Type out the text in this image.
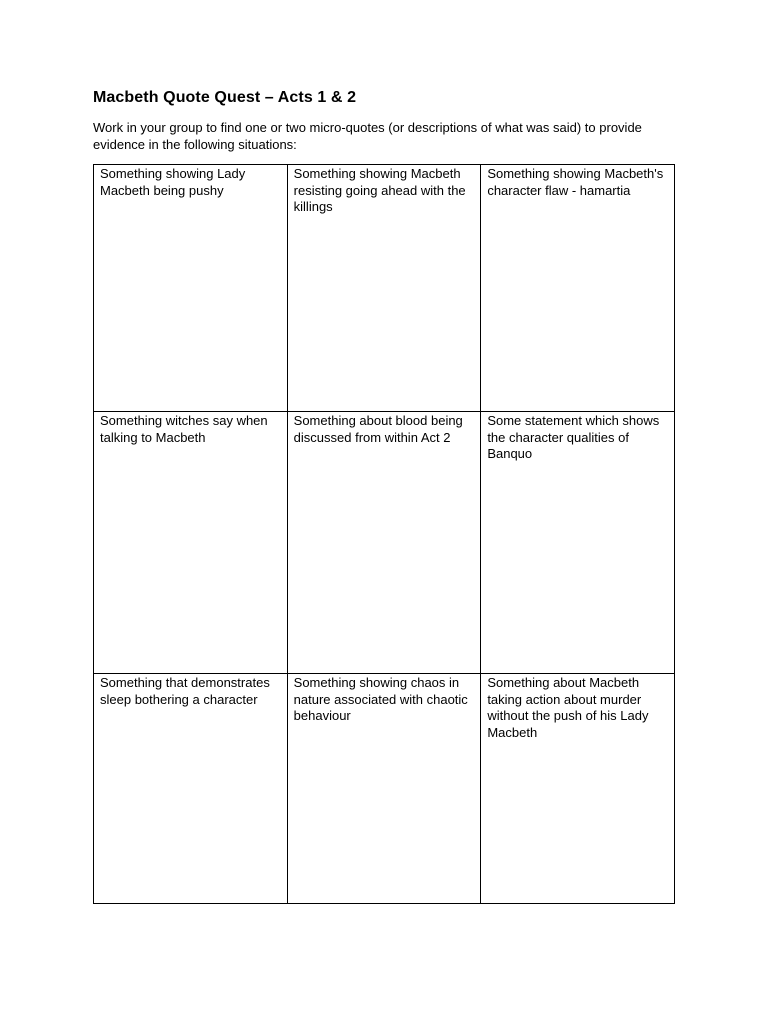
Macbeth Quote Quest – Acts 1 & 2
Work in your group to find one or two micro-quotes (or descriptions of what was said) to provide evidence in the following situations:
Something showing Lady Macbeth being pushy	Something showing Macbeth resisting going ahead with the killings	Something showing Macbeth's character flaw - hamartia

Something witches say when talking to Macbeth	Something about blood being discussed from within Act 2	Some statement which shows the character qualities of Banquo

Something that demonstrates sleep bothering a character	Something showing chaos in nature associated with chaotic behaviour	Something about Macbeth taking action about murder without the push of his Lady Macbeth
